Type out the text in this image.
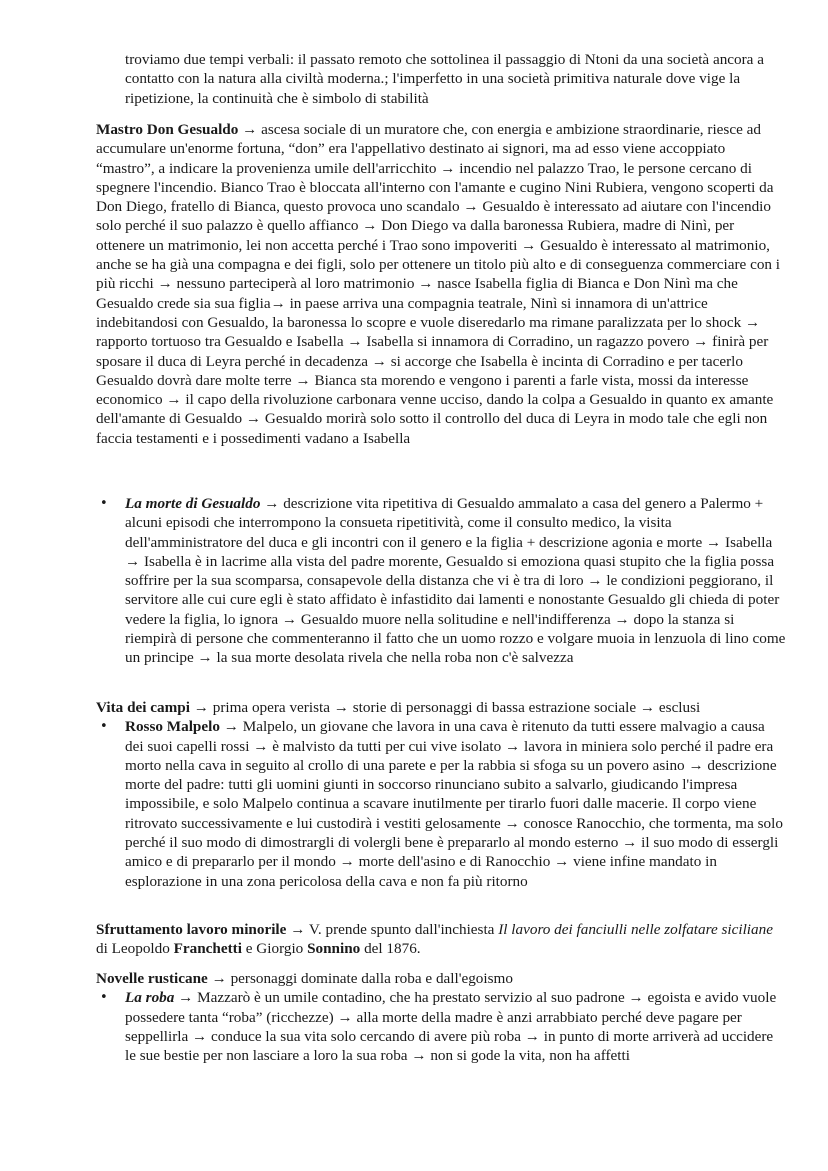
troviamo due tempi verbali: il passato remoto che sottolinea il passaggio di Ntoni da una società ancora a contatto con la natura alla civiltà moderna.; l'imperfetto in una società primitiva naturale dove vige la ripetizione, la continuità che è simbolo di stabilità

Mastro Don Gesualdo → ascesa sociale di un muratore che, con energia e ambizione straordinarie, riesce ad accumulare un'enorme fortuna, “don” era l'appellativo destinato ai signori, ma ad esso viene accoppiato “mastro”, a indicare la provenienza umile dell'arricchito → incendio nel palazzo Trao, le persone cercano di spegnere l'incendio. Bianco Trao è bloccata all'interno con l'amante e cugino Nini Rubiera, vengono scoperti da Don Diego, fratello di Bianca, questo provoca uno scandalo → Gesualdo è interessato ad aiutare con l'incendio solo perché il suo palazzo è quello affianco → Don Diego va dalla baronessa Rubiera, madre di Ninì, per ottenere un matrimonio, lei non accetta perché i Trao sono impoveriti → Gesualdo è interessato al matrimonio, anche se ha già una compagna e dei figli, solo per ottenere un titolo più alto e di conseguenza commerciare con i più ricchi → nessuno parteciperà al loro matrimonio → nasce Isabella figlia di Bianca e Don Ninì ma che Gesualdo crede sia sua figlia→ in paese arriva una compagnia teatrale, Ninì si innamora di un'attrice indebitandosi con Gesualdo, la baronessa lo scopre e vuole diseredarlo ma rimane paralizzata per lo shock → rapporto tortuoso tra Gesualdo e Isabella → Isabella si innamora di Corradino, un ragazzo povero → finirà per sposare il duca di Leyra perché in decadenza → si accorge che Isabella è incinta di Corradino e per tacerlo Gesualdo dovrà dare molte terre → Bianca sta morendo e vengono i parenti a farle vista, mossi da interesse economico → il capo della rivoluzione carbonara venne ucciso, dando la colpa a Gesualdo in quanto ex amante dell'amante di Gesualdo → Gesualdo morirà solo sotto il controllo del duca di Leyra in modo tale che egli non faccia testamenti e i possedimenti vadano a Isabella

• La morte di Gesualdo → descrizione vita ripetitiva di Gesualdo ammalato a casa del genero a Palermo + alcuni episodi che interrompono la consueta ripetitività, come il consulto medico, la visita dell'amministratore del duca e gli incontri con il genero e la figlia + descrizione agonia e morte → Isabella → Isabella è in lacrime alla vista del padre morente, Gesualdo si emoziona quasi stupito che la figlia possa soffrire per la sua scomparsa, consapevole della distanza che vi è tra di loro → le condizioni peggiorano, il servitore alle cui cure egli è stato affidato è infastidito dai lamenti e nonostante Gesualdo gli chieda di poter vedere la figlia, lo ignora → Gesualdo muore nella solitudine e nell'indifferenza → dopo la stanza si riempirà di persone che commenteranno il fatto che un uomo rozzo e volgare muoia in lenzuola di lino come un principe → la sua morte desolata rivela che nella roba non c'è salvezza

Vita dei campi → prima opera verista → storie di personaggi di bassa estrazione sociale → esclusi

• Rosso Malpelo → Malpelo, un giovane che lavora in una cava è ritenuto da tutti essere malvagio a causa dei suoi capelli rossi → è malvisto da tutti per cui vive isolato → lavora in miniera solo perché il padre era morto nella cava in seguito al crollo di una parete e per la rabbia si sfoga su un povero asino → descrizione morte del padre: tutti gli uomini giunti in soccorso rinunciano subito a salvarlo, giudicando l'impresa impossibile, e solo Malpelo continua a scavare inutilmente per tirarlo fuori dalle macerie. Il corpo viene ritrovato successivamente e lui custodirà i vestiti gelosamente → conosce Ranocchio, che tormenta, ma solo perché il suo modo di dimostrargli di volergli bene è prepararlo al mondo esterno → il suo modo di essergli amico e di prepararlo per il mondo → morte dell'asino e di Ranocchio → viene infine mandato in esplorazione in una zona pericolosa della cava e non fa più ritorno

Sfruttamento lavoro minorile → V. prende spunto dall'inchiesta Il lavoro dei fanciulli nelle zolfatare siciliane di Leopoldo Franchetti e Giorgio Sonnino del 1876.

Novelle rusticane → personaggi dominate dalla roba e dall'egoismo

• La roba → Mazzarò è un umile contadino, che ha prestato servizio al suo padrone → egoista e avido vuole possedere tanta “roba” (ricchezze) → alla morte della madre è anzi arrabbiato perché deve pagare per seppellirla → conduce la sua vita solo cercando di avere più roba → in punto di morte arriverà ad uccidere le sue bestie per non lasciare a loro la sua roba → non si gode la vita, non ha affetti
